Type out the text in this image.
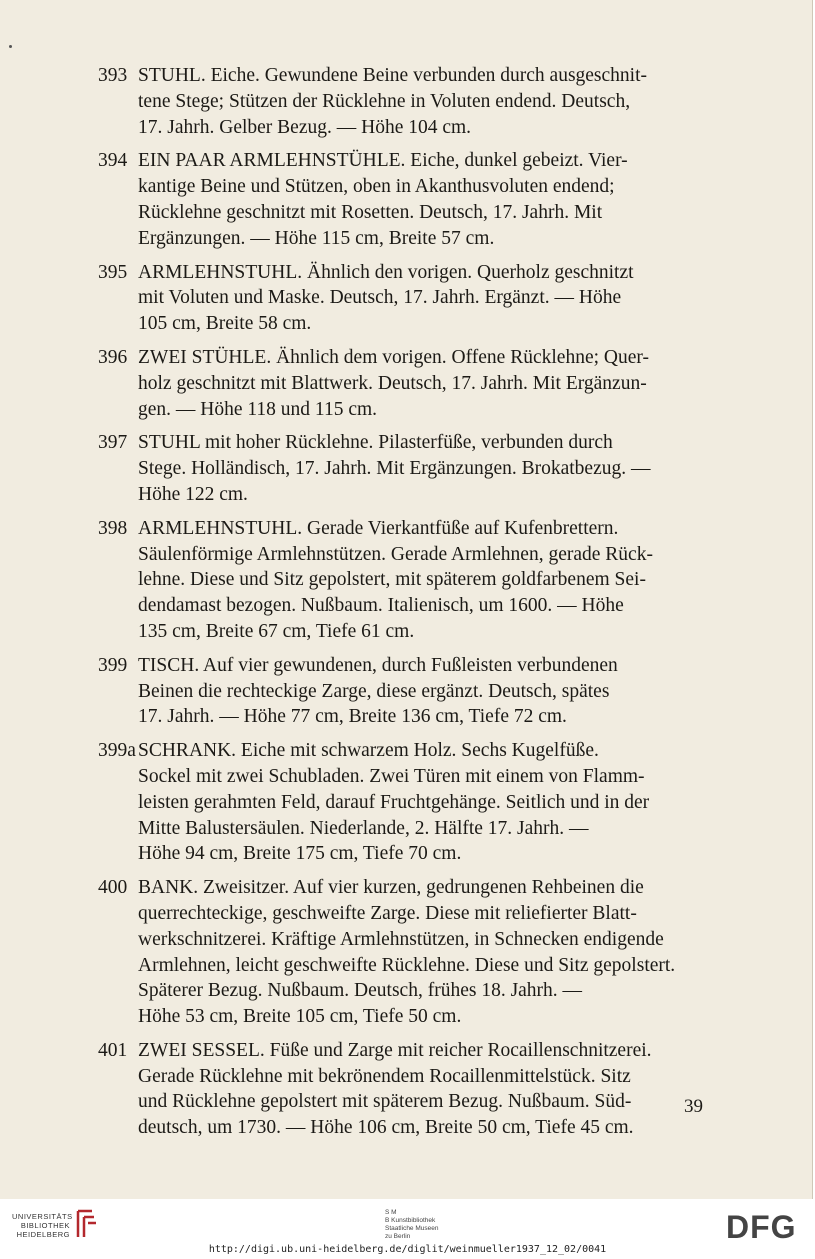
393 STUHL. Eiche. Gewundene Beine verbunden durch ausgeschnit-
tene Stege; Stützen der Rücklehne in Voluten endend. Deutsch,
17. Jahrh. Gelber Bezug. — Höhe 104 cm.
394 EIN PAAR ARMLEHNSTÜHLE. Eiche, dunkel gebeizt. Vier-
kantige Beine und Stützen, oben in Akanthusvoluten endend;
Rücklehne geschnitzt mit Rosetten. Deutsch, 17. Jahrh. Mit
Ergänzungen. — Höhe 115 cm, Breite 57 cm.
395 ARMLEHNSTUHL. Ähnlich den vorigen. Querholz geschnitzt
mit Voluten und Maske. Deutsch, 17. Jahrh. Ergänzt. — Höhe
105 cm, Breite 58 cm.
396 ZWEI STÜHLE. Ähnlich dem vorigen. Offene Rücklehne; Quer-
holz geschnitzt mit Blattwerk. Deutsch, 17. Jahrh. Mit Ergänzun-
gen. — Höhe 118 und 115 cm.
397 STUHL mit hoher Rücklehne. Pilasterfüße, verbunden durch
Stege. Holländisch, 17. Jahrh. Mit Ergänzungen. Brokatbezug. —
Höhe 122 cm.
398 ARMLEHNSTUHL. Gerade Vierkantfüße auf Kufenbrettern.
Säulenförmige Armlehnstützen. Gerade Armlehnen, gerade Rück-
lehne. Diese und Sitz gepolstert, mit späterem goldfarbenem Sei-
dendamast bezogen. Nußbaum. Italienisch, um 1600. — Höhe
135 cm, Breite 67 cm, Tiefe 61 cm.
399 TISCH. Auf vier gewundenen, durch Fußleisten verbundenen
Beinen die rechteckige Zarge, diese ergänzt. Deutsch, spätes
17. Jahrh. — Höhe 77 cm, Breite 136 cm, Tiefe 72 cm.
399a SCHRANK. Eiche mit schwarzem Holz. Sechs Kugelfüße.
Sockel mit zwei Schubladen. Zwei Türen mit einem von Flamm-
leisten gerahmten Feld, darauf Fruchtgehänge. Seitlich und in der
Mitte Balustersäulen. Niederlande, 2. Hälfte 17. Jahrh. —
Höhe 94 cm, Breite 175 cm, Tiefe 70 cm.
400 BANK. Zweisitzer. Auf vier kurzen, gedrungenen Rehbeinen die
querrechteckige, geschweifte Zarge. Diese mit reliefierter Blatt-
werkschnitzerei. Kräftige Armlehnstützen, in Schnecken endigende
Armlehnen, leicht geschweifte Rücklehne. Diese und Sitz gepolstert.
Späterer Bezug. Nußbaum. Deutsch, frühes 18. Jahrh. —
Höhe 53 cm, Breite 105 cm, Tiefe 50 cm.
401 ZWEI SESSEL. Füße und Zarge mit reicher Rocaillenschnitzerei.
Gerade Rücklehne mit bekrönendem Rocaillenmittelstück. Sitz
und Rücklehne gepolstert mit späterem Bezug. Nußbaum. Süd-
deutsch, um 1730. — Höhe 106 cm, Breite 50 cm, Tiefe 45 cm.
39
UNIVERSITÄTS
BIBLIOTHEK
HEIDELBERG
S M
B Kunstbibliothek
Staatliche Museen
zu Berlin	DFG
http://digi.ub.uni-heidelberg.de/diglit/weinmueller1937_12_02/0041
